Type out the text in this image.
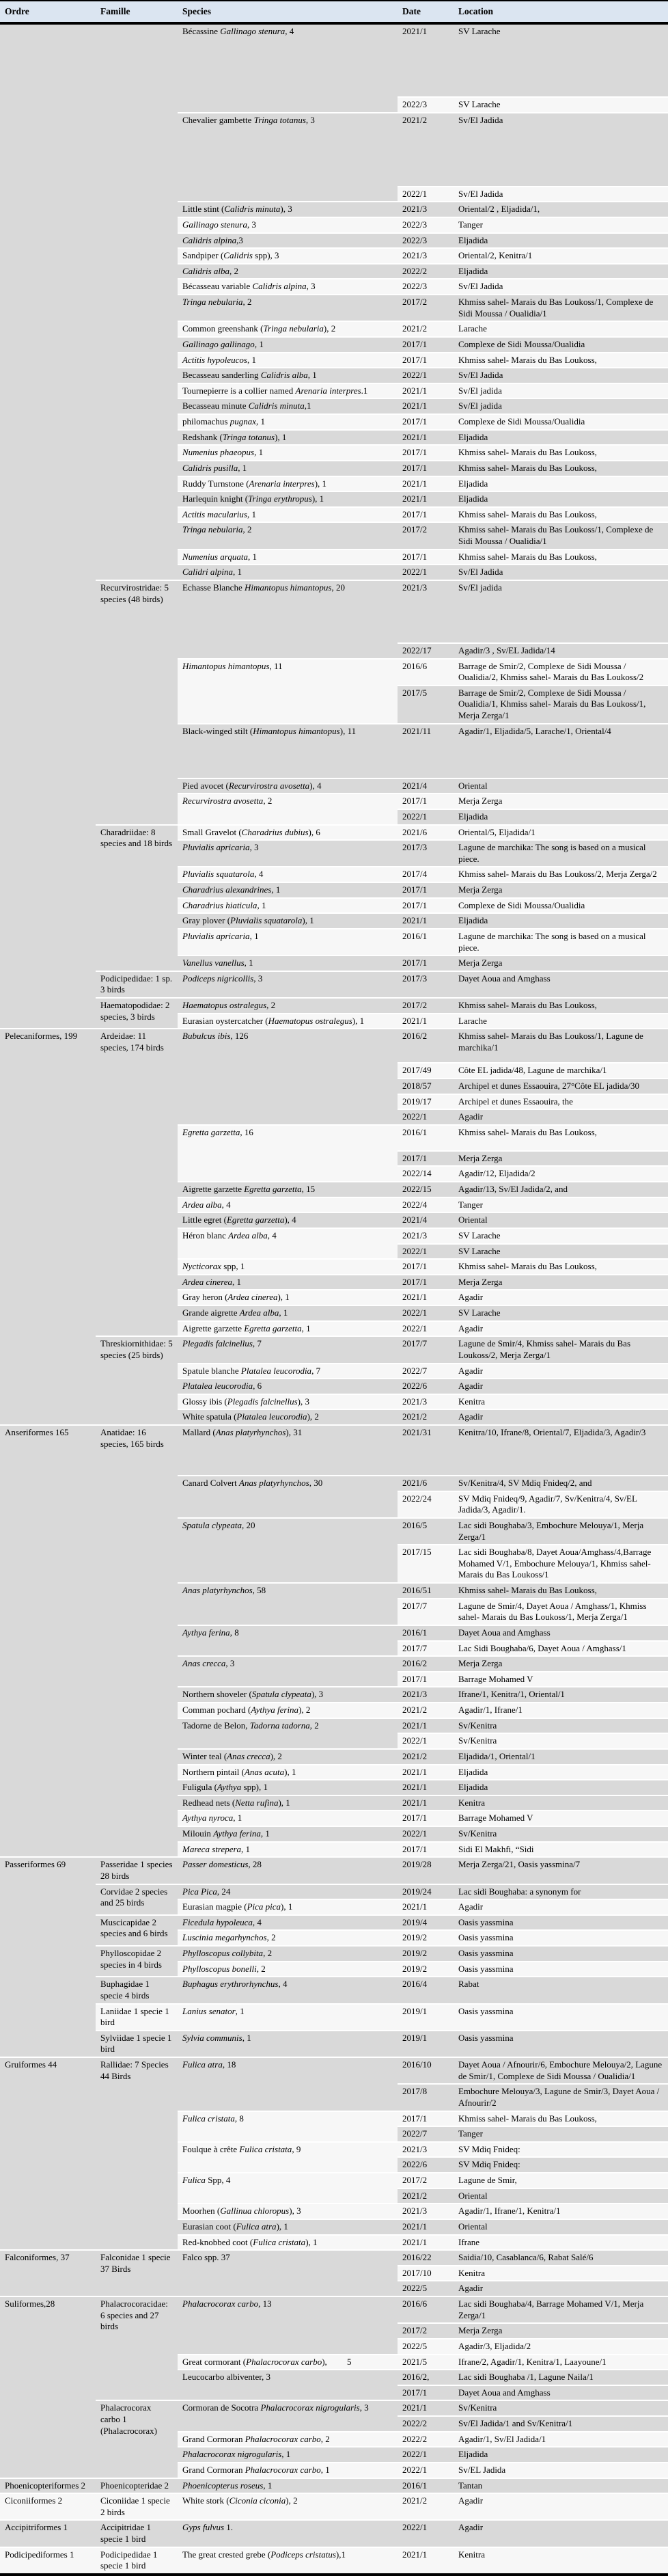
Ordre	Famille	Species	Date	Location
		Bécassine Gallinago stenura, 4	2021/1	SV Larache
			2022/3	SV Larache
		Chevalier gambette Tringa totanus, 3	2021/2	Sv/El Jadida
			2022/1	Sv/El Jadida
		Little stint (Calidris minuta), 3	2021/3	Oriental/2 , Eljadida/1,
		Gallinago stenura, 3	2022/3	Tanger
		Calidris alpina,3	2022/3	Eljadida
		Sandpiper (Calidris spp), 3	2021/3	Oriental/2, Kenitra/1
		Calidris alba, 2	2022/2	Eljadida
		Bécasseau variable Calidris alpina, 3	2022/3	Sv/El Jadida
		Tringa nebularia, 2	2017/2	Khmiss sahel- Marais du Bas Loukoss/1, Complexe de Sidi Moussa / Oualidia/1
		Common greenshank (Tringa nebularia), 2	2021/2	Larache
		Gallinago gallinago, 1	2017/1	Complexe de Sidi Moussa/Oualidia
		Actitis hypoleucos, 1	2017/1	Khmiss sahel- Marais du Bas Loukoss,
		Becasseau sanderling Calidris alba, 1	2022/1	Sv/El Jadida
		Tournepierre is a collier named Arenaria interpres.1	2021/1	Sv/El jadida
		Becasseau minute Calidris minuta,1	2021/1	Sv/El jadida
		philomachus pugnax, 1	2017/1	Complexe de Sidi Moussa/Oualidia
		Redshank (Tringa totanus), 1	2021/1	Eljadida
		Numenius phaeopus, 1	2017/1	Khmiss sahel- Marais du Bas Loukoss,
		Calidris pusilla, 1	2017/1	Khmiss sahel- Marais du Bas Loukoss,
		Ruddy Turnstone (Arenaria interpres), 1	2021/1	Eljadida
		Harlequin knight (Tringa erythropus), 1	2021/1	Eljadida
		Actitis macularius, 1	2017/1	Khmiss sahel- Marais du Bas Loukoss,
		Tringa nebularia, 2	2017/2	Khmiss sahel- Marais du Bas Loukoss/1, Complexe de Sidi Moussa / Oualidia/1
		Numenius arquata, 1	2017/1	Khmiss sahel- Marais du Bas Loukoss,
		Calidri alpina, 1	2022/1	Sv/El Jadida
	Recurvirostridae: 5 species (48 birds)	Echasse Blanche Himantopus himantopus, 20	2021/3	Sv/El jadida
			2022/17	Agadir/3 , Sv/EL Jadida/14
		Himantopus himantopus, 11	2016/6	Barrage de Smir/2, Complexe de Sidi Moussa / Oualidia/2, Khmiss sahel- Marais du Bas Loukoss/2
			2017/5	Barrage de Smir/2, Complexe de Sidi Moussa / Oualidia/1, Khmiss sahel- Marais du Bas Loukoss/1, Merja Zerga/1
		Black-winged stilt (Himantopus himantopus), 11	2021/11	Agadir/1, Eljadida/5, Larache/1, Oriental/4
		Pied avocet (Recurvirostra avosetta), 4	2021/4	Oriental
		Recurvirostra avosetta, 2	2017/1	Merja Zerga
			2022/1	Eljadida
	Charadriidae: 8 species and 18 birds	Small Gravelot (Charadrius dubius), 6	2021/6	Oriental/5, Eljadida/1
		Pluvialis apricaria, 3	2017/3	Lagune de marchika: The song is based on a musical piece.
		Pluvialis squatarola, 4	2017/4	Khmiss sahel- Marais du Bas Loukoss/2, Merja Zerga/2
		Charadrius alexandrines, 1	2017/1	Merja Zerga
		Charadrius hiaticula, 1	2017/1	Complexe de Sidi Moussa/Oualidia
		Gray plover (Pluvialis squatarola), 1	2021/1	Eljadida
		Pluvialis apricaria, 1	2016/1	Lagune de marchika: The song is based on a musical piece.
		Vanellus vanellus, 1	2017/1	Merja Zerga
	Podicipedidae: 1 sp. 3 birds	Podiceps nigricollis, 3	2017/3	Dayet Aoua and Amghass
	Haematopodidae: 2 species, 3 birds	Haematopus ostralegus, 2	2017/2	Khmiss sahel- Marais du Bas Loukoss,
		Eurasian oystercatcher (Haematopus ostralegus), 1	2021/1	Larache
Pelecaniformes, 199	Ardeidae: 11 species, 174 birds	Bubulcus ibis, 126	2016/2	Khmiss sahel- Marais du Bas Loukoss/1, Lagune de marchika/1
			2017/49	Côte EL jadida/48, Lagune de marchika/1
			2018/57	Archipel et dunes Essaouira, 27°Côte EL jadida/30
			2019/17	Archipel et dunes Essaouira, the
			2022/1	Agadir
		Egretta garzetta, 16	2016/1	Khmiss sahel- Marais du Bas Loukoss,
			2017/1	Merja Zerga
			2022/14	Agadir/12, Eljadida/2
		Aigrette garzette Egretta garzetta, 15	2022/15	Agadir/13, Sv/El Jadida/2, and
		Ardea alba, 4	2022/4	Tanger
		Little egret (Egretta garzetta), 4	2021/4	Oriental
		Héron blanc Ardea alba, 4	2021/3	SV Larache
			2022/1	SV Larache
		Nycticorax spp, 1	2017/1	Khmiss sahel- Marais du Bas Loukoss,
		Ardea cinerea, 1	2017/1	Merja Zerga
		Gray heron (Ardea cinerea), 1	2021/1	Agadir
		Grande aigrette Ardea alba, 1	2022/1	SV Larache
		Aigrette garzette Egretta garzetta, 1	2022/1	Agadir
	Threskiornithidae: 5 species (25 birds)	Plegadis falcinellus, 7	2017/7	Lagune de Smir/4, Khmiss sahel- Marais du Bas Loukoss/2, Merja Zerga/1
		Spatule blanche Platalea leucorodia, 7	2022/7	Agadir
		Platalea leucorodia, 6	2022/6	Agadir
		Glossy ibis (Plegadis falcinellus), 3	2021/3	Kenitra
		White spatula (Platalea leucorodia), 2	2021/2	Agadir
Anseriformes 165	Anatidae: 16 species, 165 birds	Mallard (Anas platyrhynchos), 31	2021/31	Kenitra/10, Ifrane/8, Oriental/7, Eljadida/3, Agadir/3
		Canard Colvert Anas platyrhynchos, 30	2021/6	Sv/Kenitra/4, SV Mdiq Fnideq/2, and
			2022/24	SV Mdiq Fnideq/9, Agadir/7, Sv/Kenitra/4, Sv/EL Jadida/3, Agadir/1.
		Spatula clypeata, 20	2016/5	Lac sidi Boughaba/3, Embochure Melouya/1, Merja Zerga/1
			2017/15	Lac sidi Boughaba/8, Dayet Aoua/Amghass/4,Barrage Mohamed V/1, Embochure Melouya/1, Khmiss sahel- Marais du Bas Loukoss/1
		Anas platyrhynchos, 58	2016/51	Khmiss sahel- Marais du Bas Loukoss,
			2017/7	Lagune de Smir/4, Dayet Aoua / Amghass/1, Khmiss sahel- Marais du Bas Loukoss/1, Merja Zerga/1
		Aythya ferina, 8	2016/1	Dayet Aoua and Amghass
			2017/7	Lac Sidi Boughaba/6, Dayet Aoua / Amghass/1
		Anas crecca, 3	2016/2	Merja Zerga
			2017/1	Barrage Mohamed V
		Northern shoveler (Spatula clypeata), 3	2021/3	Ifrane/1, Kenitra/1, Oriental/1
		Comman pochard (Aythya ferina), 2	2021/2	Agadir/1, Ifrane/1
		Tadorne de Belon, Tadorna tadorna, 2	2021/1	Sv/Kenitra
			2022/1	Sv/Kenitra
		Winter teal (Anas crecca), 2	2021/2	Eljadida/1, Oriental/1
		Northern pintail (Anas acuta), 1	2021/1	Eljadida
		Fuligula (Aythya spp), 1	2021/1	Eljadida
		Redhead nets (Netta rufina), 1	2021/1	Kenitra
		Aythya nyroca, 1	2017/1	Barrage Mohamed V
		Milouin Aythya ferina, 1	2022/1	Sv/Kenitra
		Mareca strepera, 1	2017/1	Sidi El Makhfi, “Sidi
Passeriformes 69	Passeridae 1 species 28 birds	Passer domesticus, 28	2019/28	Merja Zerga/21, Oasis yassmina/7
	Corvidae 2 species and 25 birds	Pica Pica, 24	2019/24	Lac sidi Boughaba: a synonym for
		Eurasian magpie (Pica pica), 1	2021/1	Agadir
	Muscicapidae 2 species and 6 birds	Ficedula hypoleuca, 4	2019/4	Oasis yassmina
		Luscinia megarhynchos, 2	2019/2	Oasis yassmina
	Phylloscopidae 2 species in 4 birds	Phylloscopus collybita, 2	2019/2	Oasis yassmina
		Phylloscopus bonelli, 2	2019/2	Oasis yassmina
	Buphagidae 1 specie 4 birds	Buphagus erythrorhynchus, 4	2016/4	Rabat
	Laniidae 1 specie 1 bird	Lanius senator, 1	2019/1	Oasis yassmina
	Sylviidae 1 specie 1 bird	Sylvia communis, 1	2019/1	Oasis yassmina
Gruiformes 44	Rallidae: 7 Species 44 Birds	Fulica atra, 18	2016/10	Dayet Aoua / Afnourir/6, Embochure Melouya/2, Lagune de Smir/1, Complexe de Sidi Moussa / Oualidia/1
			2017/8	Embochure Melouya/3, Lagune de Smir/3, Dayet Aoua / Afnourir/2
		Fulica cristata, 8	2017/1	Khmiss sahel- Marais du Bas Loukoss,
			2022/7	Tanger
		Foulque à crête Fulica cristata, 9	2021/3	SV Mdiq Fnideq:
			2022/6	SV Mdiq Fnideq:
		Fulica Spp, 4	2017/2	Lagune de Smir,
			2021/2	Oriental
		Moorhen (Gallinua chloropus), 3	2021/3	Agadir/1, Ifrane/1, Kenitra/1
		Eurasian coot (Fulica atra), 1	2021/1	Oriental
		Red-knobbed coot (Fulica cristata), 1	2021/1	Ifrane
Falconiformes, 37	Falconidae 1 specie 37 Birds	Falco spp. 37	2016/22	Saidia/10, Casablanca/6, Rabat Salé/6
			2017/10	Kenitra
			2022/5	Agadir
Suliformes,28	Phalacrocoracidae: 6 species and 27 birds	Phalacrocorax carbo, 13	2016/6	Lac sidi Boughaba/4, Barrage Mohamed V/1, Merja Zerga/1
			2017/2	Merja Zerga
			2022/5	Agadir/3, Eljadida/2
		Great cormorant (Phalacrocorax carbo),         5	2021/5	Ifrane/2, Agadir/1, Kenitra/1, Laayoune/1
		Leucocarbo albiventer, 3	2016/2,	Lac sidi Boughaba /1, Lagune Naila/1
			2017/1	Dayet Aoua and Amghass
	Phalacrocorax carbo 1 (Phalacrocorax)	Cormoran de Socotra Phalacrocorax nigrogularis, 3	2021/1	Sv/Kenitra
			2022/2	Sv/El Jadida/1 and Sv/Kenitra/1
		Grand Cormoran Phalacrocorax carbo, 2	2022/2	Agadir/1, Sv/El Jadida/1
		Phalacrocorax nigrogularis, 1	2022/1	Eljadida
		Grand Cormoran Phalacrocorax carbo, 1	2022/1	Sv/EL Jadida
Phoenicopteriformes 2	Phoenicopteridae 2	Phoenicopterus roseus, 1	2016/1	Tantan
Ciconiiformes 2	Ciconiidae 1 specie 2 birds	White stork (Ciconia ciconia), 2	2021/2	Agadir
Accipitriformes 1	Accipitridae 1 specie 1 bird	Gyps fulvus 1.	2022/1	Agadir
Podicipediformes 1	Podicipedidae 1 specie 1 bird	The great crested grebe (Podiceps cristatus),1	2021/1	Kenitra
